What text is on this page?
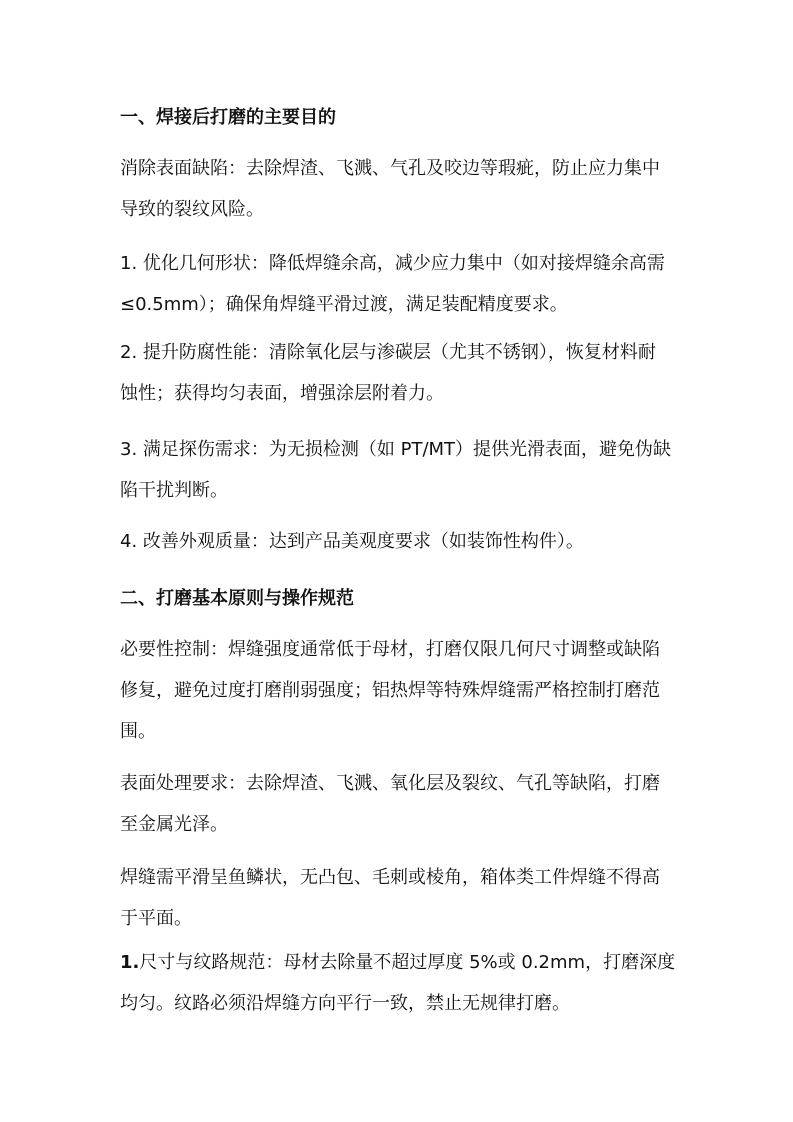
一、焊接后打磨的主要目的
消除表面缺陷：去除焊渣、飞溅、气孔及咬边等瑕疵，防止应力集中
导致的裂纹风险。
1. 优化几何形状：降低焊缝余高，减少应力集中（如对接焊缝余高需
≤0.5mm）；确保角焊缝平滑过渡，满足装配精度要求。
2. 提升防腐性能：清除氧化层与渗碳层（尤其不锈钢），恢复材料耐
蚀性；获得均匀表面，增强涂层附着力。
3. 满足探伤需求：为无损检测（如 PT/MT）提供光滑表面，避免伪缺
陷干扰判断。
4. 改善外观质量：达到产品美观度要求（如装饰性构件）。
二、打磨基本原则与操作规范
必要性控制：焊缝强度通常低于母材，打磨仅限几何尺寸调整或缺陷
修复，避免过度打磨削弱强度；铝热焊等特殊焊缝需严格控制打磨范
围。
表面处理要求：去除焊渣、飞溅、氧化层及裂纹、气孔等缺陷，打磨
至金属光泽。
焊缝需平滑呈鱼鳞状，无凸包、毛刺或棱角，箱体类工件焊缝不得高
于平面。
1.尺寸与纹路规范：母材去除量不超过厚度 5%或 0.2mm，打磨深度
均匀。纹路必须沿焊缝方向平行一致，禁止无规律打磨。
